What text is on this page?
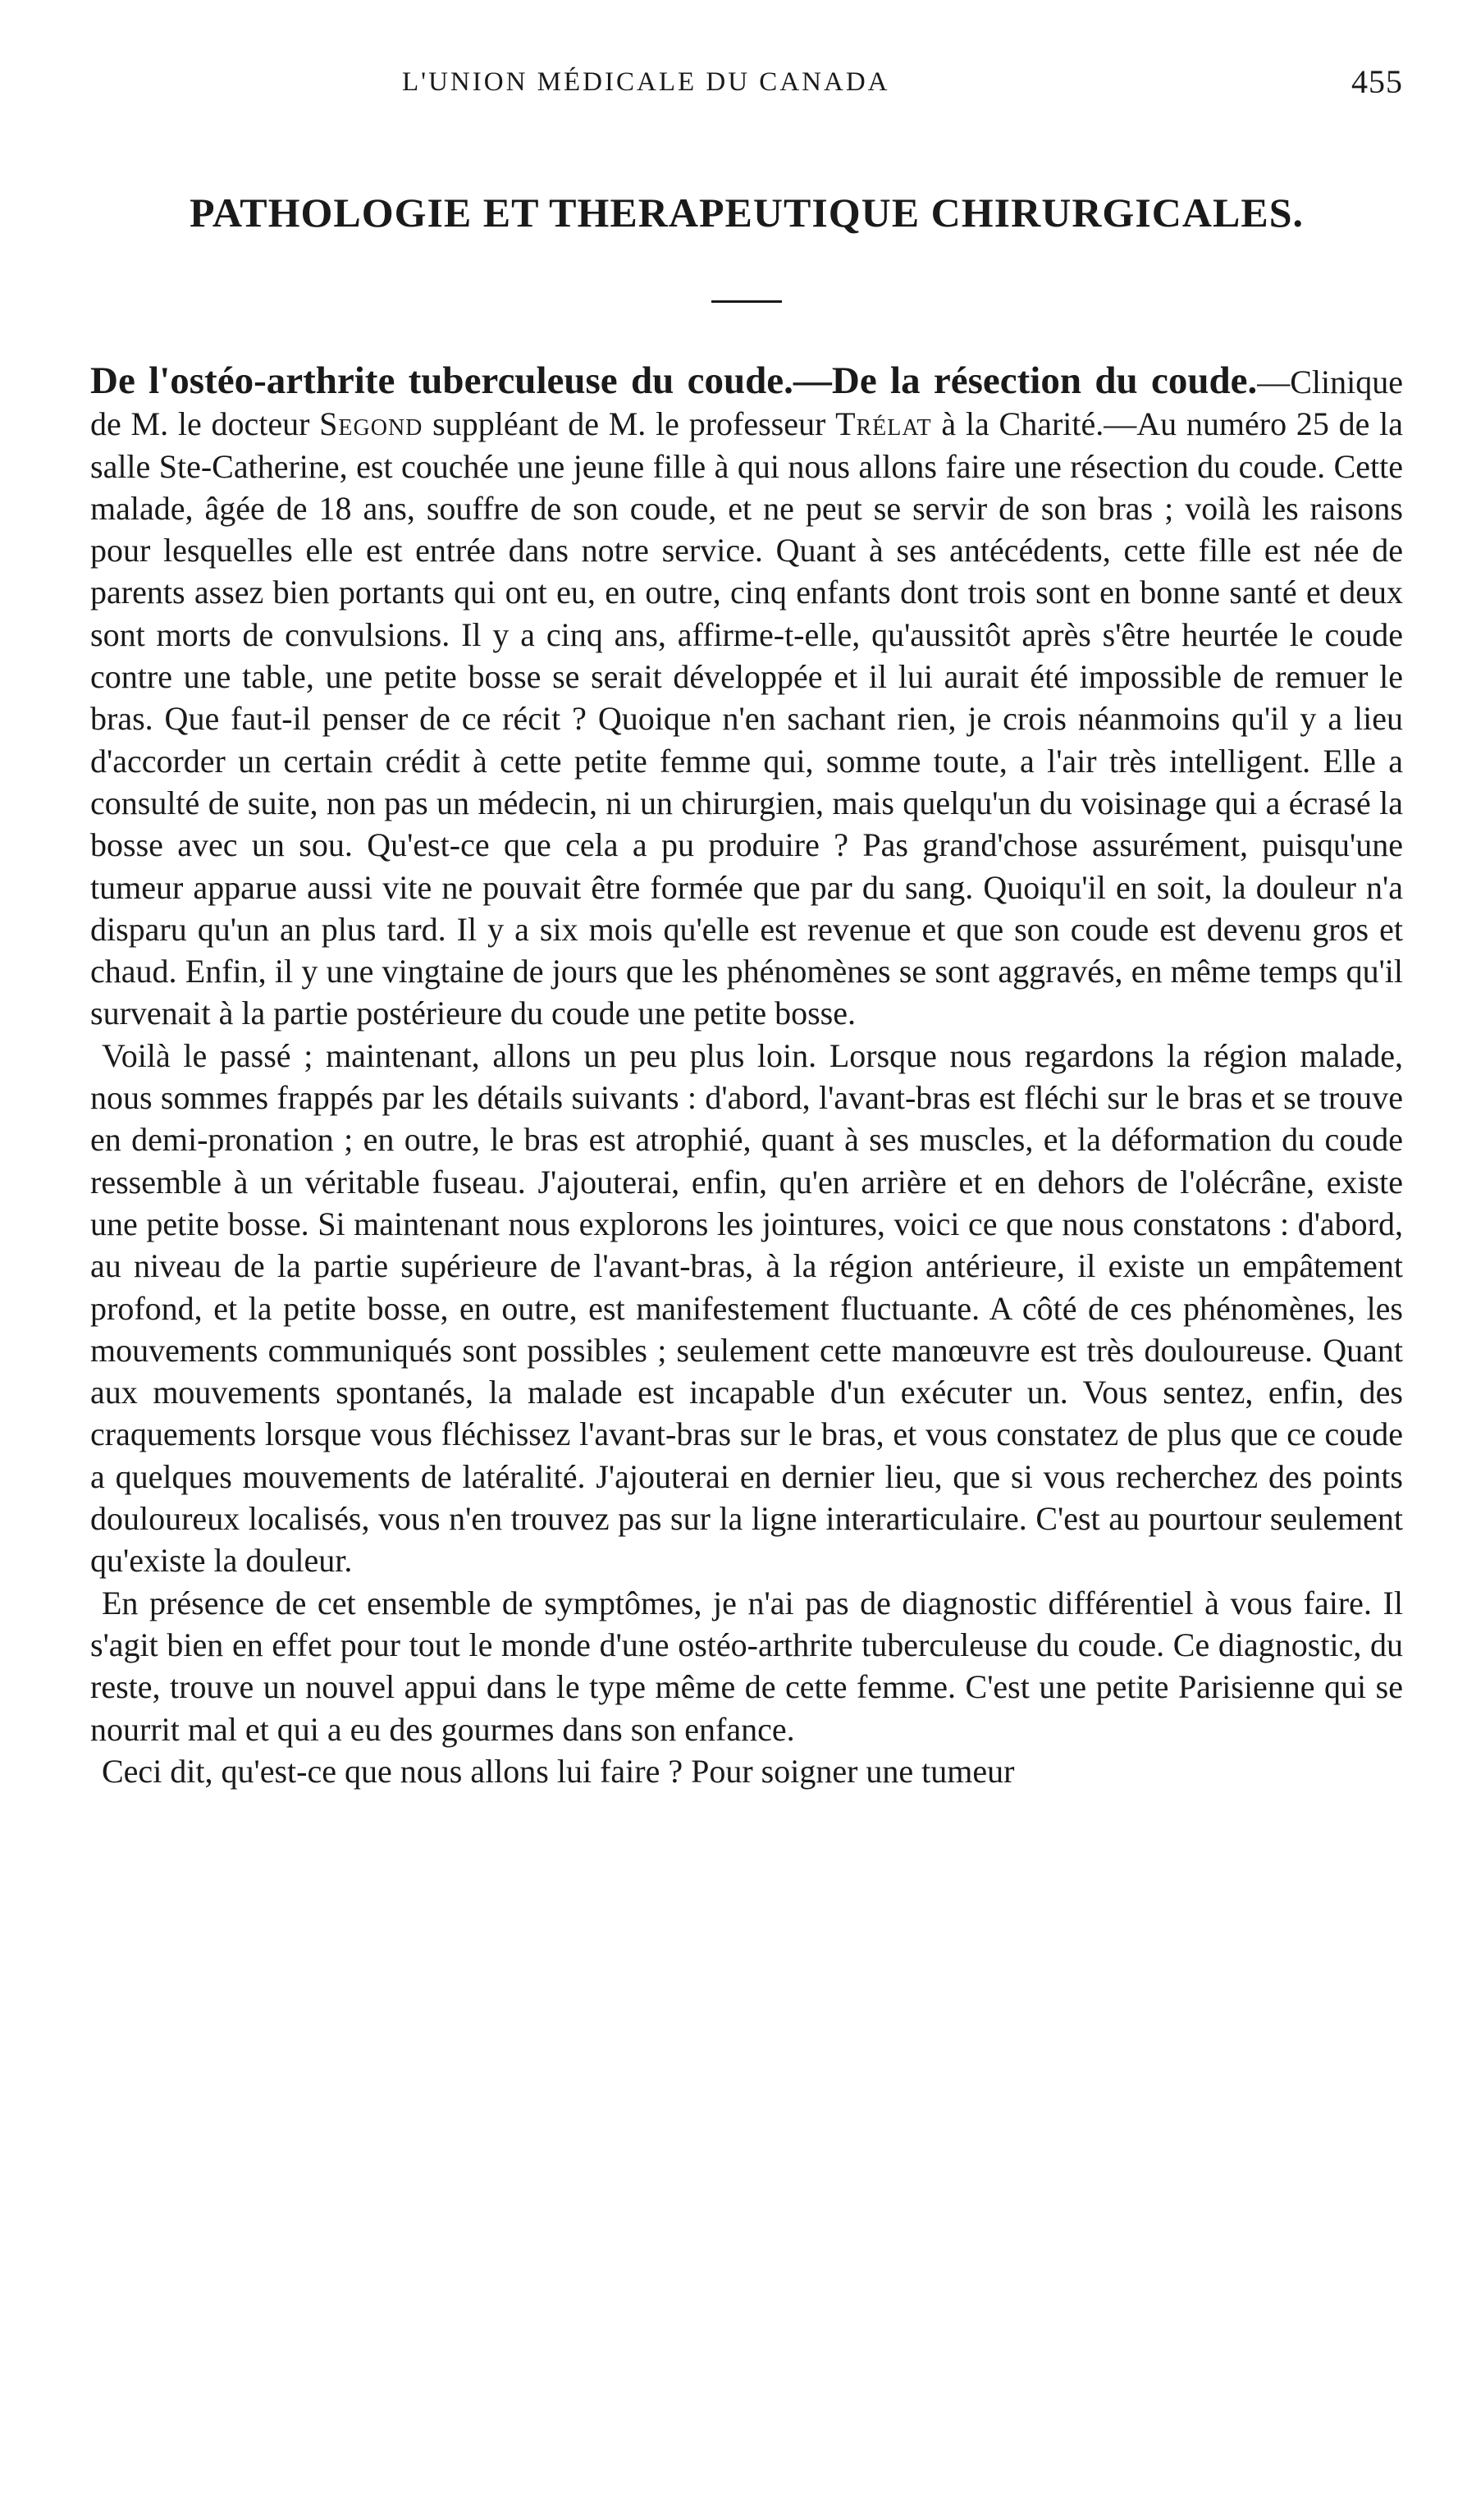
L'UNION MÉDICALE DU CANADA	455
PATHOLOGIE ET THERAPEUTIQUE CHIRURGICALES.

De l'ostéo-arthrite tuberculeuse du coude.—De la résection du coude.—Clinique de M. le docteur Segond suppléant de M. le professeur Trélat à la Charité.—Au numéro 25 de la salle Ste-Catherine, est couchée une jeune fille à qui nous allons faire une résection du coude. Cette malade, âgée de 18 ans, souffre de son coude, et ne peut se servir de son bras ; voilà les raisons pour lesquelles elle est entrée dans notre service. Quant à ses antécédents, cette fille est née de parents assez bien portants qui ont eu, en outre, cinq enfants dont trois sont en bonne santé et deux sont morts de convulsions. Il y a cinq ans, affirme-t-elle, qu'aussitôt après s'être heurtée le coude contre une table, une petite bosse se serait développée et il lui aurait été impossible de remuer le bras. Que faut-il penser de ce récit ? Quoique n'en sachant rien, je crois néanmoins qu'il y a lieu d'accorder un certain crédit à cette petite femme qui, somme toute, a l'air très intelligent. Elle a consulté de suite, non pas un médecin, ni un chirurgien, mais quelqu'un du voisinage qui a écrasé la bosse avec un sou. Qu'est-ce que cela a pu produire ? Pas grand'chose assurément, puisqu'une tumeur apparue aussi vite ne pouvait être formée que par du sang. Quoiqu'il en soit, la douleur n'a disparu qu'un an plus tard. Il y a six mois qu'elle est revenue et que son coude est devenu gros et chaud. Enfin, il y une vingtaine de jours que les phénomènes se sont aggravés, en même temps qu'il survenait à la partie postérieure du coude une petite bosse.

Voilà le passé ; maintenant, allons un peu plus loin. Lorsque nous regardons la région malade, nous sommes frappés par les détails suivants : d'abord, l'avant-bras est fléchi sur le bras et se trouve en demi-pronation ; en outre, le bras est atrophié, quant à ses muscles, et la déformation du coude ressemble à un véritable fuseau. J'ajouterai, enfin, qu'en arrière et en dehors de l'olécrâne, existe une petite bosse. Si maintenant nous explorons les jointures, voici ce que nous constatons : d'abord, au niveau de la partie supérieure de l'avant-bras, à la région antérieure, il existe un empâtement profond, et la petite bosse, en outre, est manifestement fluctuante. A côté de ces phénomènes, les mouvements communiqués sont possibles ; seulement cette manœuvre est très douloureuse. Quant aux mouvements spontanés, la malade est incapable d'un exécuter un. Vous sentez, enfin, des craquements lorsque vous fléchissez l'avant-bras sur le bras, et vous constatez de plus que ce coude a quelques mouvements de latéralité. J'ajouterai en dernier lieu, que si vous recherchez des points douloureux localisés, vous n'en trouvez pas sur la ligne interarticulaire. C'est au pourtour seulement qu'existe la douleur.

En présence de cet ensemble de symptômes, je n'ai pas de diagnostic différentiel à vous faire. Il s'agit bien en effet pour tout le monde d'une ostéo-arthrite tuberculeuse du coude. Ce diagnostic, du reste, trouve un nouvel appui dans le type même de cette femme. C'est une petite Parisienne qui se nourrit mal et qui a eu des gourmes dans son enfance.

Ceci dit, qu'est-ce que nous allons lui faire ? Pour soigner une tumeur
